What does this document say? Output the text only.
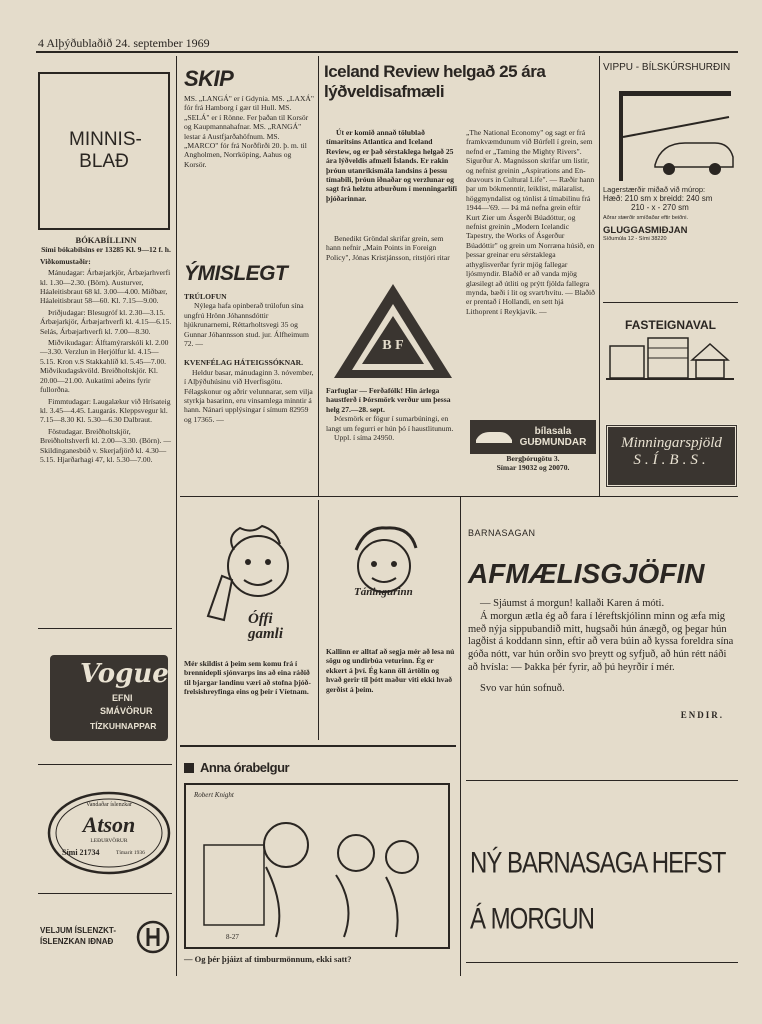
4 Alþýðublaðið 24. september 1969
MINNIS-BLAÐ
BÓKABÍLLINN
Sími bókabílsins er 13285 Kl. 9—12 f. h.

Viðkomustaðir:

Mánudagar: Árbæjarkjör, Árbæjarhverfi kl. 1.30—2.30. (Börn). Austurver, Háaleitisbraut 68 kl. 3.00—4.00. Miðbær, Háaleitisbraut 58—60. Kl. 7.15—9.00.

Þriðjudagar: Blesugróf kl. 2.30—3.15. Árbæjarkjör, Árbæjarhverfi kl. 4.15—6.15. Selás, Árbæjarhverfi kl. 7.00—8.30.

Miðvikudagar: Álftamýrarskóli kl. 2.00—3.30. Verzlun in Herjólfur kl. 4.15—5.15. Kron v.S Stakkahlíð kl. 5.45—7.00. Miðvikudagskvöld. Breiðholtskjör. Kl. 20.00—21.00. Aukatími aðeins fyrir fullorðna.

Fimmtudagar: Laugalækur við Hrísateig kl. 3.45—4.45. Laugarás. Kleppsvegur kl. 7.15—8.30 Kl. 5.30—6.30 Dalbraut.

Föstudagar. Breiðholtskjör, Breiðholtshverfi kl. 2.00—3.30. (Börn). — Skildinganesbúð v. Skerjafjörð kl. 4.30—5.15. Hjarðarhagi 47, kl. 5.30—7.00.

Vogue
EFNI
SMÁVÖRUR
TÍZKUHNAPPAR
Vandaðar íslenzkar
Atson
LEÐURVÖRUR
Sími 21734	Tímarit 1936
VELJUM ÍSLENZKT-
ÍSLENZKAN IÐNAÐ
SKIP
MS. „LANGÁ" er í Gdynia. MS. „LAXÁ" fór frá Hamborg í gær til Hull. MS. „SELÁ" er í Rönne. Fer þaðan til Korsör og Kaupmannahafnar. MS. „RANGÁ" lestar á Austfjarðahöfnum. MS. „MARCO" fór frá Norðfirði 20. þ. m. til Angholmen, Norrköping, Aahus og Korsör.
ÝMISLEGT
TRÚLOFUN
Nýlega hafa opinberað trúlofun sína ungfrú Hrönn Jóhannsdóttir hjúkrunarnemi, Réttarholtsvegi 35 og Gunnar Jóhannsson stud. jur. Álfheimum 72. —
KVENFÉLAG HÁTEIGSSÓKNAR.
Heldur basar, mánudaginn 3. nóvember, í Alþýðuhúsinu við Hverfisgötu. Félagskonur og aðrir velunnarar, sem vilja styrkja basarinn, eru vinsamlega minntir á hann. Nánari upplýsingar í símum 82959 og 17365. —
Iceland Review helgað 25 ára lýðveldisafmæli
Út er komið annað tölublað tímaritsins Atlantica and Iceland Review, og er það sérstaklega helgað 25 ára lýðveldis afmæli Íslands. Er rakin þróun utanríkismála landsins á þessu tímabili, þróun iðnaðar og verzlunar og sagt frá helztu atburðum í menningarlífi þjóðarinnar.
Benedikt Gröndal skrifar grein, sem hann nefnir „Main Points in Foreign Policy", Jónas Kristjánsson, ritstjóri ritar
„The National Economy" og sagt er frá framkvæmdunum við Búrfell í grein, sem nefnd er „Taming the Mighty Rivers". Sigurður A. Magnússon skrifar um listir, og nefnist greinin „Aspirations and Endeavours in Cultural Life". — Ræðir hann þar um bókmenntir, leiklist, málaralist, höggmyndalist og tónlist á tímabilinu frá 1944—'69. — Þá má nefna grein eftir Kurt Zier um Ásgerði Búadóttur, og nefnist greinin „Modern Icelandic Tapestry, the Works of Ásgerður Búadóttir" og grein um Norræna húsið, en þessar greinar eru sérstaklega athyglisverðar fyrir mjög fallegar ljósmyndir. Blaðið er að vanda mjög glæsilegt að útliti og prýtt fjölda fallegra mynda, bæði í lit og svart/hvítu. — Blaðið er prentað í Hollandi, en sett hjá Lithoprent í Reykjavík. —
B F
Farfuglar — Ferðafólk! Hin árlega haustferð í Þórsmörk verður um þessa helg 27.—28. sept.
Þórsmörk er fögur í sumarbúningi, en langt um fegurri er hún þó í haustlitunum.
Uppl. í síma 24950.
VIPPU - BÍLSKÚRSHURÐIN
Lagerstærðir miðað við múrop:
Hæð: 210 sm x breidd: 240 sm
210 - x - 270 sm
Aðrar stærðir smíðaðar eftir beiðni.
GLUGGASMIÐJAN
Síðumúla 12 - Sími 38220
FASTEIGNAVAL
bílasala GUÐMUNDAR
Bergþórugötu 3.
Símar 19032 og 20070.
Minningarspjöld
S.Í.B.S.
Óffi gamli
Mér skildist á þeim sem komu frá í brennidepli sjónvarps ins að eina ráðið til bjargar landinu væri að stofna þjóðfrelsishreyfinga eins og þeir í Víetnam.
Táningurinn
Kallinn er alltaf að segja mér að lesa nú sögu og undirbúa veturinn. Ég er ekkert á því. Ég kann öll ártölin og hvað gerir til þótt maður viti ekki hvað gerðist á þeim.
Anna órabelgur
Robert Knight
8-27
— Og þér þjáizt af timburmönnum, ekki satt?
BARNASAGAN
AFMÆLISGJÖFIN
— Sjáumst á morgun! kallaði Karen á móti.
Á morgun ætla ég að fara í léreftskjólinn minn og æfa mig með nýja sippubandið mitt, hugsaði hún ánægð, og þegar hún lagðist á koddann sinn, eftir að vera búin að kyssa foreldra sína góða nótt, var hún orðin svo þreytt og syfjuð, að hún rétt náði að hvísla: — Þakka þér fyrir, að þú heyrðir í mér.
Svo var hún sofnuð.
ENDIR.
NÝ BARNASAGA HEFST
Á MORGUN
